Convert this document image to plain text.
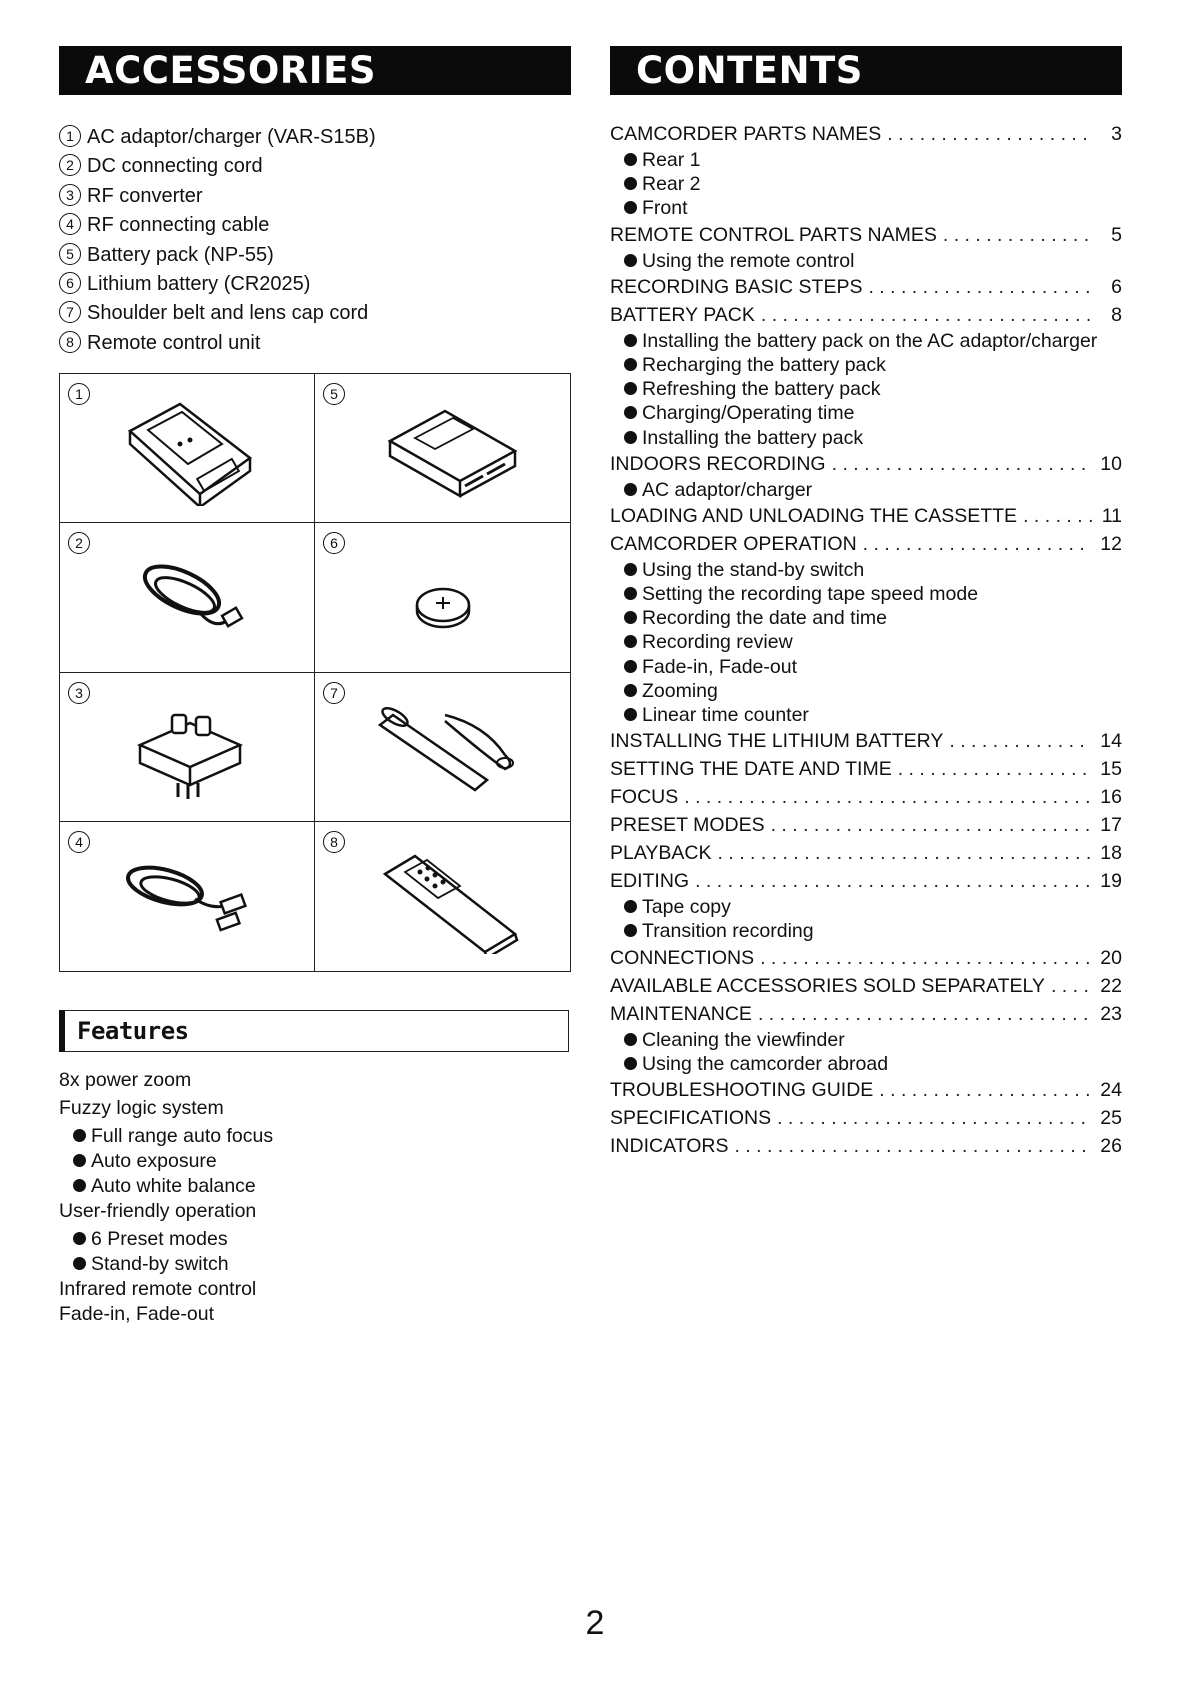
ACCESSORIES
1 AC adaptor/charger (VAR-S15B)
2 DC connecting cord
3 RF converter
4 RF connecting cable
5 Battery pack (NP-55)
6 Lithium battery (CR2025)
7 Shoulder belt and lens cap cord
8 Remote control unit
1	5
2	6
3	7
4	8
Features
8x power zoom
Fuzzy logic system
Full range auto focus
Auto exposure
Auto white balance
User-friendly operation
6 Preset modes
Stand-by switch
Infrared remote control
Fade-in, Fade-out
CONTENTS
CAMCORDER PARTS NAMES . . .	3
Rear 1
Rear 2
Front
REMOTE CONTROL PARTS NAMES . . .	5
Using the remote control
RECORDING BASIC STEPS . . .	6
BATTERY PACK . . .	8
Installing the battery pack on the AC adaptor/charger
Recharging the battery pack
Refreshing the battery pack
Charging/Operating time
Installing the battery pack
INDOORS RECORDING . . .	10
AC adaptor/charger
LOADING AND UNLOADING THE CASSETTE . . .	11
CAMCORDER OPERATION . . .	12
Using the stand-by switch
Setting the recording tape speed mode
Recording the date and time
Recording review
Fade-in, Fade-out
Zooming
Linear time counter
INSTALLING THE LITHIUM BATTERY . . .	14
SETTING THE DATE AND TIME . . .	15
FOCUS . . .	16
PRESET MODES . . .	17
PLAYBACK . . .	18
EDITING . . .	19
Tape copy
Transition recording
CONNECTIONS . . .	20
AVAILABLE ACCESSORIES SOLD SEPARATELY . . .	22
MAINTENANCE . . .	23
Cleaning the viewfinder
Using the camcorder abroad
TROUBLESHOOTING GUIDE . . .	24
SPECIFICATIONS . . .	25
INDICATORS . . .	26
2
